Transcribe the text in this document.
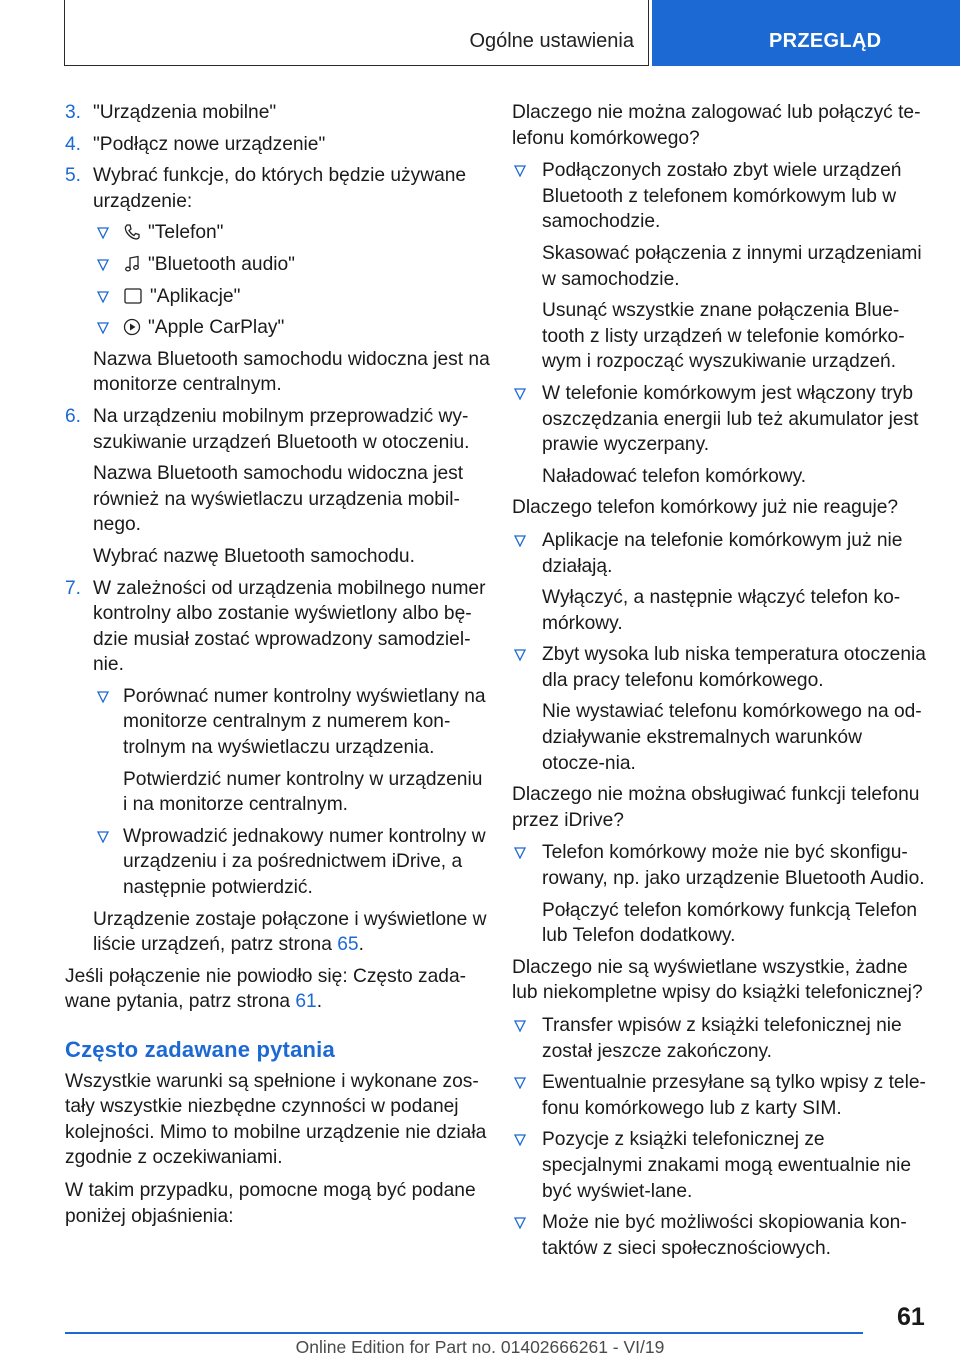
Ogólne ustawienia	PRZEGLĄD
3. "Urządzenia mobilne"
4. "Podłącz nowe urządzenie"
5. Wybrać funkcje, do których będzie używane urządzenie:
"Telefon"
"Bluetooth audio"
"Aplikacje"
"Apple CarPlay"
Nazwa Bluetooth samochodu widoczna jest na monitorze centralnym.
6. Na urządzeniu mobilnym przeprowadzić wy-szukiwanie urządzeń Bluetooth w otoczeniu.
Nazwa Bluetooth samochodu widoczna jest również na wyświetlaczu urządzenia mobil-nego.
Wybrać nazwę Bluetooth samochodu.
7. W zależności od urządzenia mobilnego numer kontrolny albo zostanie wyświetlony albo bę-dzie musiał zostać wprowadzony samodziel-nie.
Porównać numer kontrolny wyświetlany na monitorze centralnym z numerem kon-trolnym na wyświetlaczu urządzenia.
Potwierdzić numer kontrolny w urządzeniu i na monitorze centralnym.
Wprowadzić jednakowy numer kontrolny w urządzeniu i za pośrednictwem iDrive, a następnie potwierdzić.
Urządzenie zostaje połączone i wyświetlone w liście urządzeń, patrz strona 65.
Jeśli połączenie nie powiodło się: Często zada-wane pytania, patrz strona 61.
Często zadawane pytania
Wszystkie warunki są spełnione i wykonane zos-tały wszystkie niezbędne czynności w podanej kolejności. Mimo to mobilne urządzenie nie działa zgodnie z oczekiwaniami.
W takim przypadku, pomocne mogą być podane poniżej objaśnienia:
Dlaczego nie można zalogować lub połączyć te-lefonu komórkowego?
Podłączonych zostało zbyt wiele urządzeń Bluetooth z telefonem komórkowym lub w samochodzie.
Skasować połączenia z innymi urządzeniami w samochodzie.
Usunąć wszystkie znane połączenia Blue-tooth z listy urządzeń w telefonie komórko-wym i rozpocząć wyszukiwanie urządzeń.
W telefonie komórkowym jest włączony tryb oszczędzania energii lub też akumulator jest prawie wyczerpany.
Naładować telefon komórkowy.
Dlaczego telefon komórkowy już nie reaguje?
Aplikacje na telefonie komórkowym już nie działają.
Wyłączyć, a następnie włączyć telefon ko-mórkowy.
Zbyt wysoka lub niska temperatura otoczenia dla pracy telefonu komórkowego.
Nie wystawiać telefonu komórkowego na od-działywanie ekstremalnych warunków otocze-nia.
Dlaczego nie można obsługiwać funkcji telefonu przez iDrive?
Telefon komórkowy może nie być skonfigu-rowany, np. jako urządzenie Bluetooth Audio.
Połączyć telefon komórkowy funkcją Telefon lub Telefon dodatkowy.
Dlaczego nie są wyświetlane wszystkie, żadne lub niekompletne wpisy do książki telefonicznej?
Transfer wpisów z książki telefonicznej nie został jeszcze zakończony.
Ewentualnie przesyłane są tylko wpisy z tele-fonu komórkowego lub z karty SIM.
Pozycje z książki telefonicznej ze specjalnymi znakami mogą ewentualnie nie być wyświet-lane.
Może nie być możliwości skopiowania kon-taktów z sieci społecznościowych.
61
Online Edition for Part no. 01402666261 - VI/19
